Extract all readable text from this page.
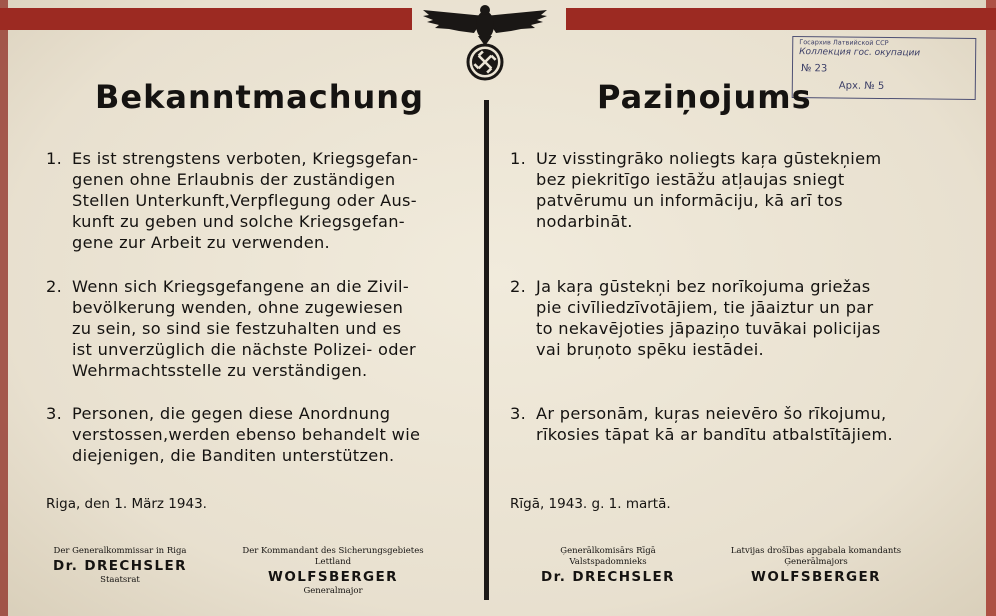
Госархив Латвийской ССР
Коллекция гос. окупации
№ 23
Арх. № 5
Bekanntmachung
1. Es ist strengstens verboten, Kriegsgefan-
genen ohne Erlaubnis der zuständigen
Stellen Unterkunft,Verpflegung oder Aus-
kunft zu geben und solche Kriegsgefan-
gene zur Arbeit zu verwenden.
2. Wenn sich Kriegsgefangene an die Zivil-
bevölkerung wenden, ohne zugewiesen
zu sein, so sind sie festzuhalten und es
ist unverzüglich die nächste Polizei- oder
Wehrmachtsstelle zu verständigen.
3. Personen, die gegen diese Anordnung
verstossen,werden ebenso behandelt wie
diejenigen, die Banditen unterstützen.
Riga, den 1. März 1943.
Der Generalkommissar in Riga
Dr. DRECHSLER
Staatsrat
Der Kommandant des Sicherungsgebietes
Lettland
WOLFSBERGER
Generalmajor
Paziņojums
1. Uz visstingrāko noliegts kaŗa gūstekņiem
bez piekritīgo iestāžu atļaujas sniegt
patvērumu un informāciju, kā arī tos
nodarbināt.
2. Ja kaŗa gūstekņi bez norīkojuma griežas
pie civīliedzīvotājiem, tie jāaiztur un par
to nekavējoties jāpaziņo tuvākai policijas
vai bruņoto spēku iestādei.
3. Ar personām, kuŗas neievēro šo rīkojumu,
rīkosies tāpat kā ar bandītu atbalstītājiem.
Rīgā, 1943. g. 1. martā.
Ģenerālkomisārs Rīgā
Valstspadomnieks
Dr. DRECHSLER
Latvijas drošības apgabala komandants
Ģenerālmajors
WOLFSBERGER
